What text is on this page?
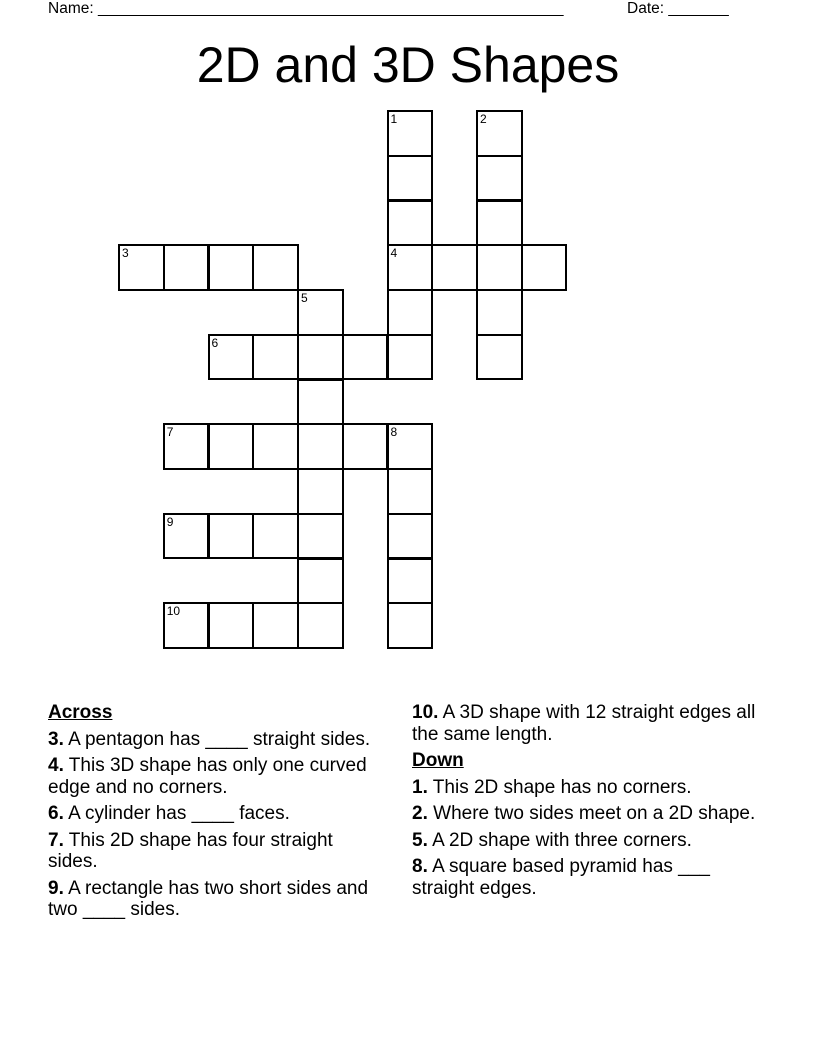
Name: ______________________________________________________	Date: _______
2D and 3D Shapes
1
4
2
3
5
6
7	8
9
10
Across
3. A pentagon has ____ straight sides.
4. This 3D shape has only one curved edge and no corners.
6. A cylinder has ____ faces.
7. This 2D shape has four straight sides.
9. A rectangle has two short sides and two ____ sides.
10. A 3D shape with 12 straight edges all the same length.
Down
1. This 2D shape has no corners.
2. Where two sides meet on a 2D shape.
5. A 2D shape with three corners.
8. A square based pyramid has ___ straight edges.
